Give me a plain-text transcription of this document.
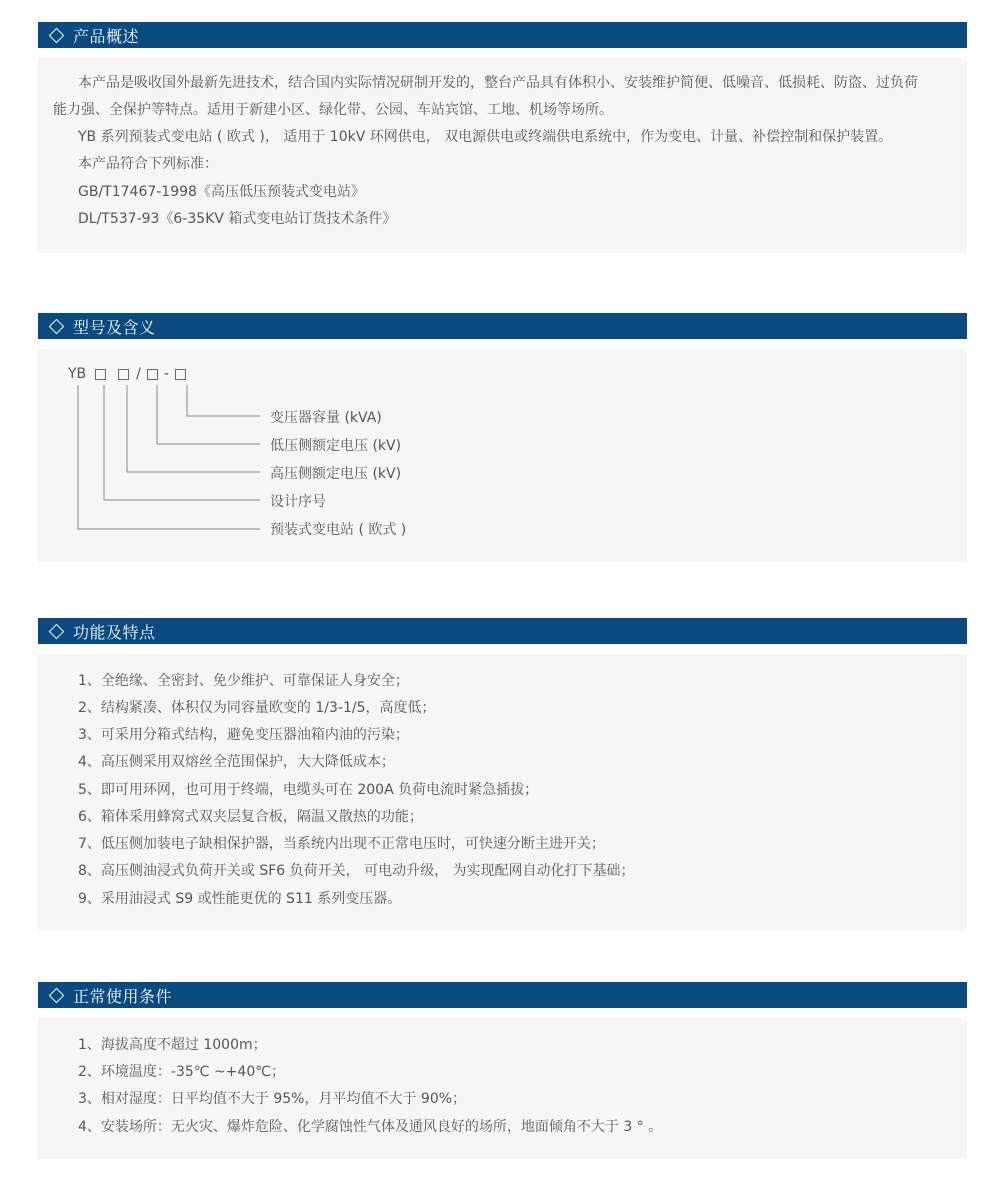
产品概述
本产品是吸收国外最新先进技术，结合国内实际情况研制开发的，整台产品具有体积小、安装维护简便、低噪音、低损耗、防盗、过负荷
能力强、全保护等特点。适用于新建小区、绿化带、公园、车站宾馆、工地、机场等场所。
YB 系列预装式变电站 ( 欧式 )， 适用于 10kV 环网供电， 双电源供电或终端供电系统中，作为变电、计量、补偿控制和保护装置。
本产品符合下列标准：
GB/T17467-1998《高压低压预装式变电站》
DL/T537-93《6-35KV 箱式变电站订货技术条件》
型号及含义
YB	/ -
变压器容量 (kVA)
低压侧额定电压 (kV)
高压侧额定电压 (kV)
设计序号
预装式变电站 ( 欧式 )
功能及特点
1、全绝缘、全密封、免少维护、可靠保证人身安全；
2、结构紧凑、体积仅为同容量欧变的 1/3-1/5，高度低；
3、可采用分箱式结构，避免变压器油箱内油的污染；
4、高压侧采用双熔丝全范围保护，大大降低成本；
5、即可用环网，也可用于终端，电缆头可在 200A 负荷电流时紧急插拔；
6、箱体采用蜂窝式双夹层复合板，隔温又散热的功能；
7、低压侧加装电子缺相保护器，当系统内出现不正常电压时，可快速分断主进开关；
8、高压侧油浸式负荷开关或 SF6 负荷开关， 可电动升级， 为实现配网自动化打下基础；
9、采用油浸式 S9 或性能更优的 S11 系列变压器。
正常使用条件
1、海拔高度不超过 1000m；
2、环境温度：-35℃ ~+40℃；
3、相对湿度：日平均值不大于 95%，月平均值不大于 90%；
4、安装场所：无火灾、爆炸危险、化学腐蚀性气体及通风良好的场所，地面倾角不大于 3 ° 。
